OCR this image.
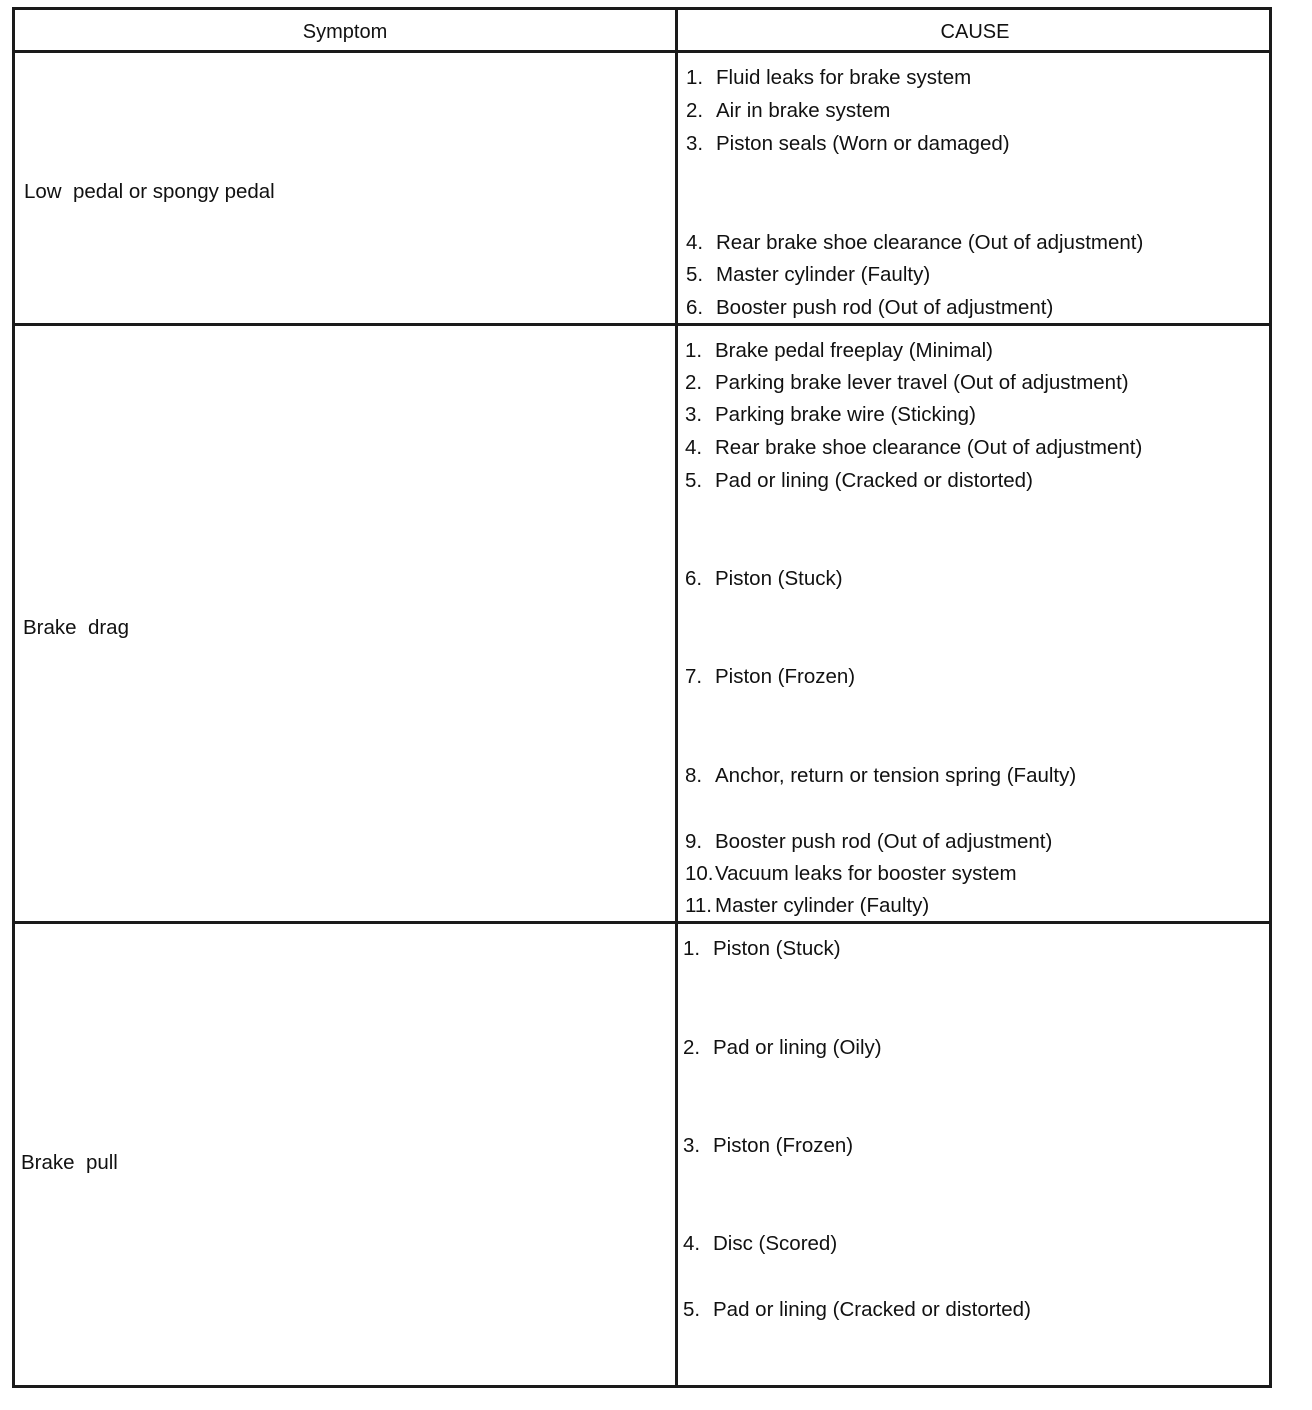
Symptom	CAUSE
Low  pedal or spongy pedal
1. Fluid leaks for brake system
2. Air in brake system
3. Piston seals (Worn or damaged)
4. Rear brake shoe clearance (Out of adjustment)
5. Master cylinder (Faulty)
6. Booster push rod (Out of adjustment)
Brake  drag
1. Brake pedal freeplay (Minimal)
2. Parking brake lever travel (Out of adjustment)
3. Parking brake wire (Sticking)
4. Rear brake shoe clearance (Out of adjustment)
5. Pad or lining (Cracked or distorted)
6. Piston (Stuck)
7. Piston (Frozen)
8. Anchor, return or tension spring (Faulty)
9. Booster push rod (Out of adjustment)
10.Vacuum leaks for booster system
11. Master cylinder (Faulty)
Brake  pull
1. Piston (Stuck)
2. Pad or lining (Oily)
3. Piston (Frozen)
4. Disc (Scored)
5. Pad or lining (Cracked or distorted)
